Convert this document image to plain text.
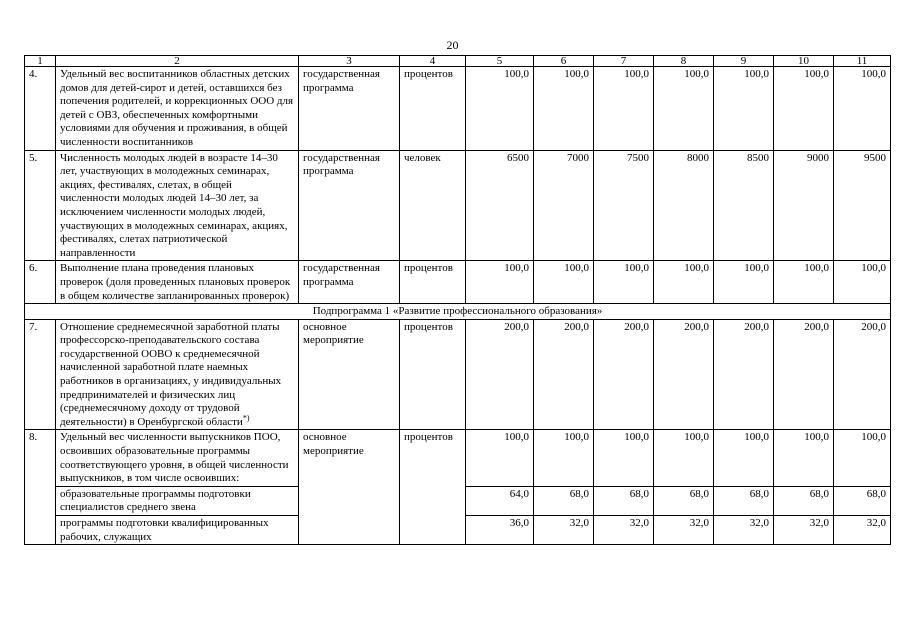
20
1	2	3	4	5	6	7	8	9	10	11
4.	Удельный вес воспитанников областных детских домов для детей-сирот и детей, оставшихся без попечения родителей, и коррекционных ООО для детей с ОВЗ, обеспеченных комфортными условиями для обучения и проживания, в общей численности воспитанников	государственная программа	процентов	100,0	100,0	100,0	100,0	100,0	100,0	100,0
5.	Численность молодых людей в возрасте 14–30 лет, участвующих в молодежных семинарах, акциях, фестивалях, слетах, в общей численности молодых людей 14–30 лет, за исключением численности молодых людей, участвующих в молодежных семинарах, акциях, фестивалях, слетах патриотической направленности	государственная программа	человек	6500	7000	7500	8000	8500	9000	9500
6.	Выполнение плана проведения плановых проверок (доля проведенных плановых проверок в общем количестве запланированных проверок)	государственная программа	процентов	100,0	100,0	100,0	100,0	100,0	100,0	100,0
Подпрограмма 1 «Развитие профессионального образования»										
7.	Отношение среднемесячной заработной платы профессорско-преподавательского состава государственной ООВО к среднемесячной начисленной заработной плате наемных работников в организациях, у индивидуальных предпринимателей и физических лиц (среднемесячному доходу от трудовой деятельности) в Оренбургской области*)	основное мероприятие	процентов	200,0	200,0	200,0	200,0	200,0	200,0	200,0
8.	Удельный вес численности выпускников ПОО, освоивших образовательные программы соответствующего уровня, в общей численности выпускников, в том числе освоивших:	основное мероприятие	процентов	100,0	100,0	100,0	100,0	100,0	100,0	100,0
	образовательные программы подготовки специалистов среднего звена			64,0	68,0	68,0	68,0	68,0	68,0	68,0
	программы подготовки квалифицированных рабочих, служащих			36,0	32,0	32,0	32,0	32,0	32,0	32,0
